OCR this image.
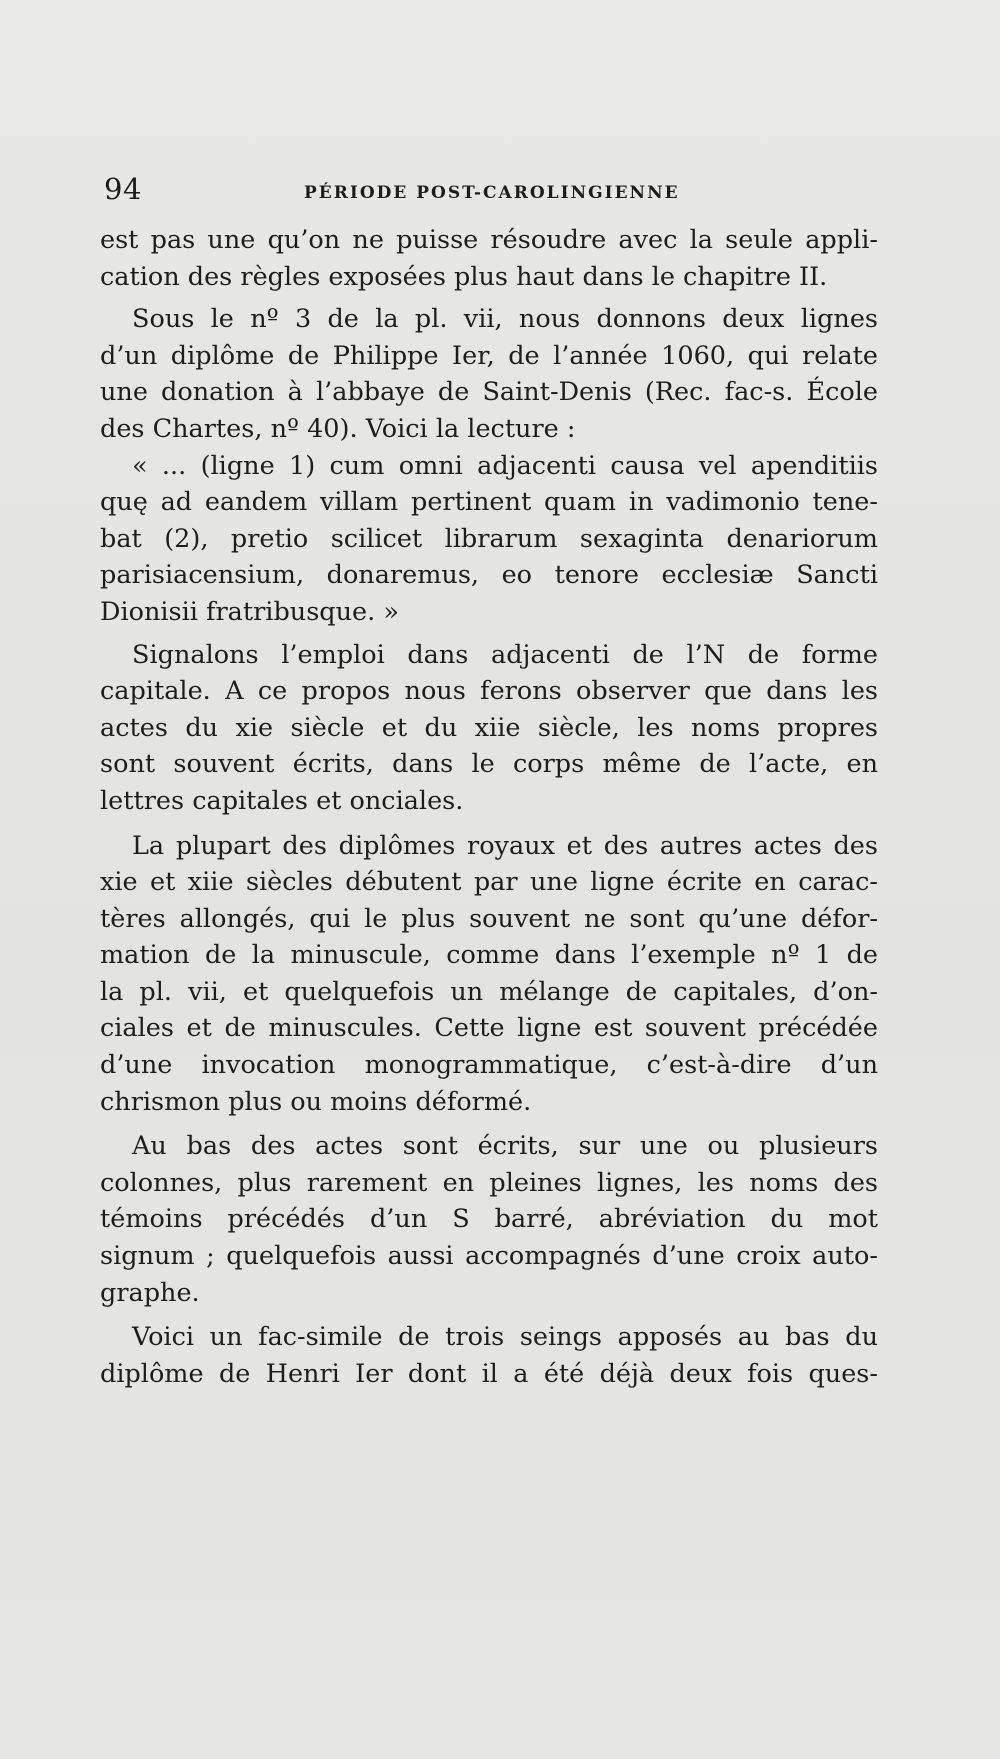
94	PÉRIODE POST-CAROLINGIENNE
est pas une qu’on ne puisse résoudre avec la seule appli-
cation des règles exposées plus haut dans le chapitre II.
Sous le nº 3 de la pl. vii, nous donnons deux lignes
d’un diplôme de Philippe Ier, de l’année 1060, qui relate
une donation à l’abbaye de Saint-Denis (Rec. fac-s. École
des Chartes, nº 40). Voici la lecture :
« ... (ligne 1) cum omni adjacenti causa vel apenditiis
quę ad eandem villam pertinent quam in vadimonio tene-
bat (2), pretio scilicet librarum sexaginta denariorum
parisiacensium, donaremus, eo tenore ecclesiæ Sancti
Dionisii fratribusque. »
Signalons l’emploi dans adjacenti de l’N de forme
capitale. A ce propos nous ferons observer que dans les
actes du xie siècle et du xiie siècle, les noms propres
sont souvent écrits, dans le corps même de l’acte, en
lettres capitales et onciales.
La plupart des diplômes royaux et des autres actes des
xie et xiie siècles débutent par une ligne écrite en carac-
tères allongés, qui le plus souvent ne sont qu’une défor-
mation de la minuscule, comme dans l’exemple nº 1 de
la pl. vii, et quelquefois un mélange de capitales, d’on-
ciales et de minuscules. Cette ligne est souvent précédée
d’une invocation monogrammatique, c’est-à-dire d’un
chrismon plus ou moins déformé.
Au bas des actes sont écrits, sur une ou plusieurs
colonnes, plus rarement en pleines lignes, les noms des
témoins précédés d’un S barré, abréviation du mot
signum ; quelquefois aussi accompagnés d’une croix auto-
graphe.
Voici un fac-simile de trois seings apposés au bas du
diplôme de Henri Ier dont il a été déjà deux fois ques-
